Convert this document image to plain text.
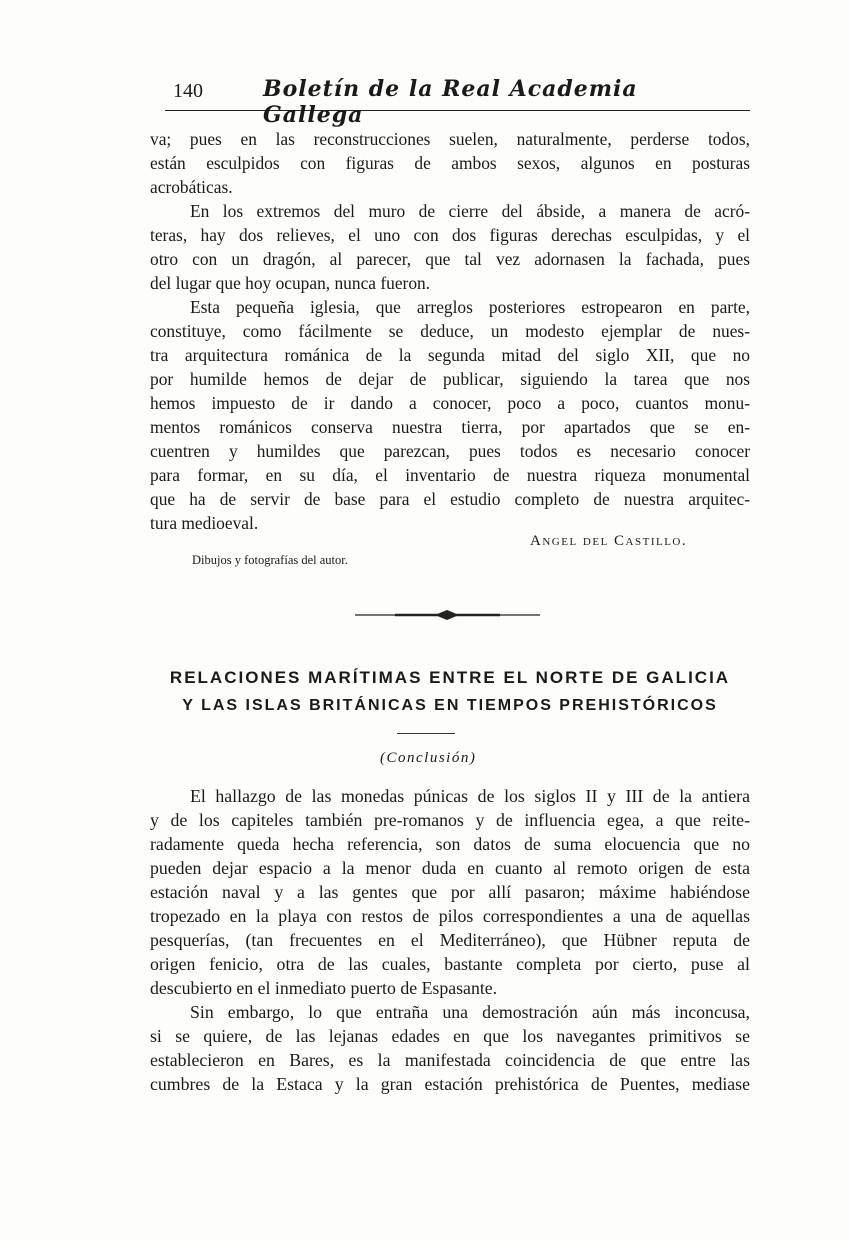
140	Boletín de la Real Academia Gallega
va; pues en las reconstrucciones suelen, naturalmente, perderse todos,
están esculpidos con figuras de ambos sexos, algunos en posturas
acrobáticas.
En los extremos del muro de cierre del ábside, a manera de acró-
teras, hay dos relieves, el uno con dos figuras derechas esculpidas, y el
otro con un dragón, al parecer, que tal vez adornasen la fachada, pues
del lugar que hoy ocupan, nunca fueron.
Esta pequeña iglesia, que arreglos posteriores estropearon en parte,
constituye, como fácilmente se deduce, un modesto ejemplar de nues-
tra arquitectura románica de la segunda mitad del siglo XII, que no
por humilde hemos de dejar de publicar, siguiendo la tarea que nos
hemos impuesto de ir dando a conocer, poco a poco, cuantos monu-
mentos románicos conserva nuestra tierra, por apartados que se en-
cuentren y humildes que parezcan, pues todos es necesario conocer
para formar, en su día, el inventario de nuestra riqueza monumental
que ha de servir de base para el estudio completo de nuestra arquitec-
tura medioeval.
Angel del Castillo.
Dibujos y fotografías del autor.
RELACIONES MARÍTIMAS ENTRE EL NORTE DE GALICIA
Y LAS ISLAS BRITÁNICAS EN TIEMPOS PREHISTÓRICOS
(Conclusión)
El hallazgo de las monedas púnicas de los siglos II y III de la antiera
y de los capiteles también pre-romanos y de influencia egea, a que reite-
radamente queda hecha referencia, son datos de suma elocuencia que no
pueden dejar espacio a la menor duda en cuanto al remoto origen de esta
estación naval y a las gentes que por allí pasaron; máxime habiéndose
tropezado en la playa con restos de pilos correspondientes a una de aquellas
pesquerías, (tan frecuentes en el Mediterráneo), que Hübner reputa de
origen fenicio, otra de las cuales, bastante completa por cierto, puse al
descubierto en el inmediato puerto de Espasante.
Sin embargo, lo que entraña una demostración aún más inconcusa,
si se quiere, de las lejanas edades en que los navegantes primitivos se
establecieron en Bares, es la manifestada coincidencia de que entre las
cumbres de la Estaca y la gran estación prehistórica de Puentes, mediase
